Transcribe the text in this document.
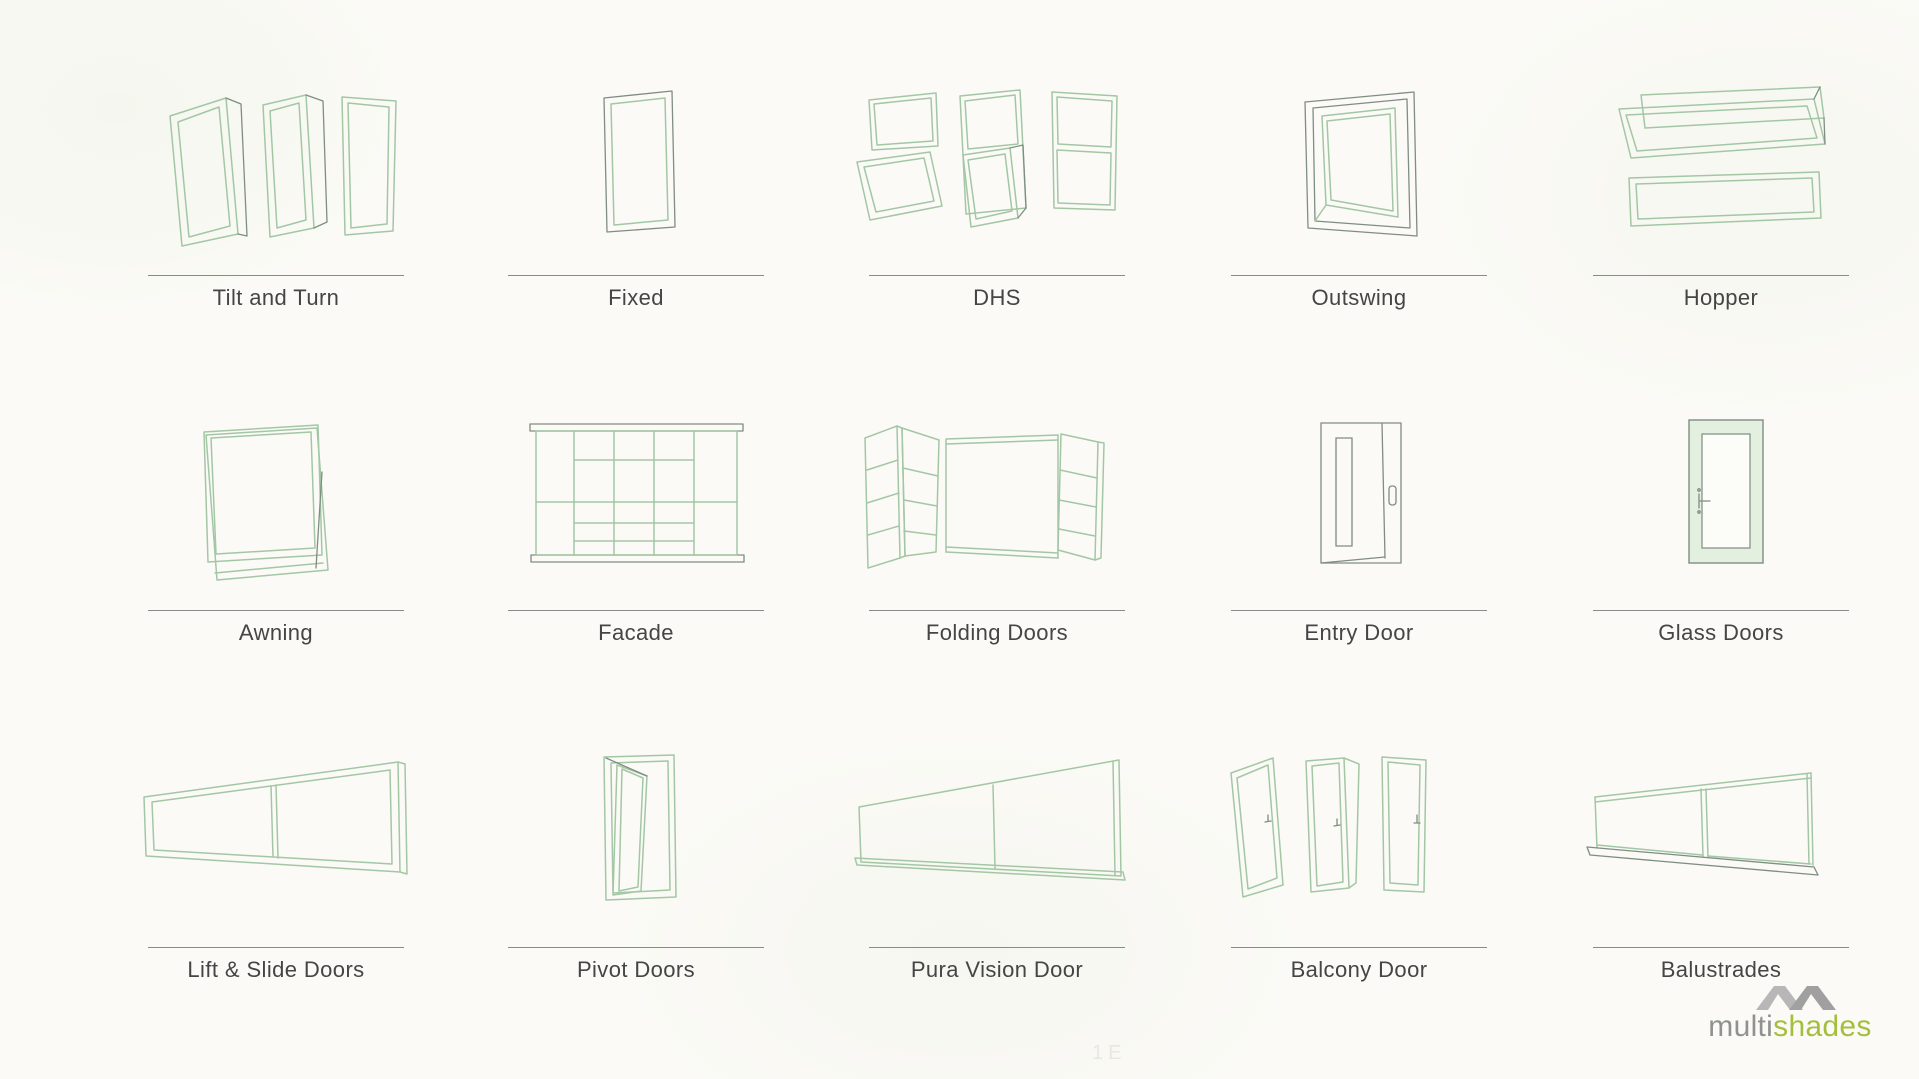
Tilt and Turn	Fixed	DHS	Outswing	Hopper
Awning	Facade	Folding Doors	Entry Door	Glass Doors
Lift & Slide Doors	Pivot Doors	Pura Vision Door	Balcony Door	Balustrades
multishades
1E
